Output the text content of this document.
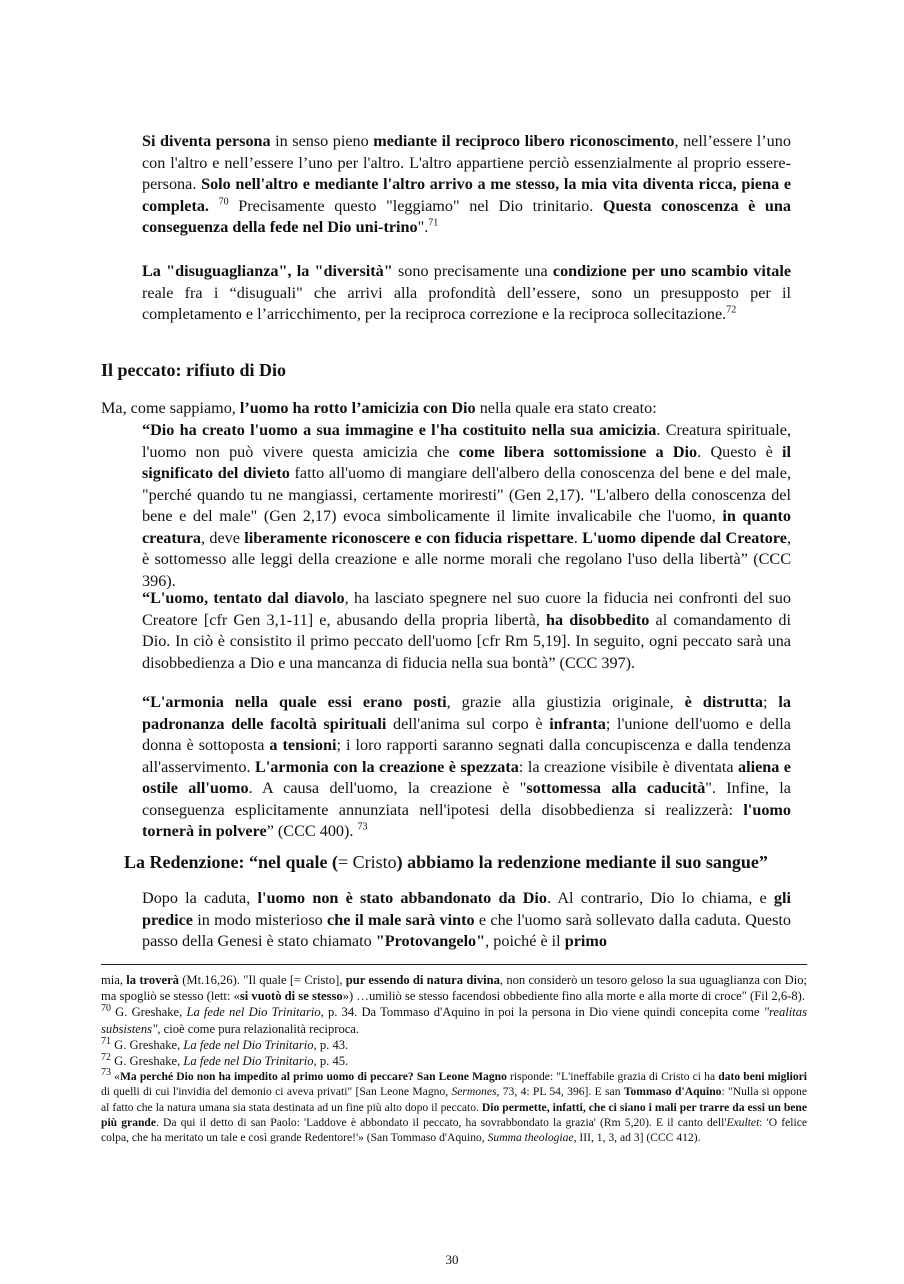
Si diventa persona in senso pieno mediante il reciproco libero riconoscimento, nell’essere l’uno con l'altro e nell’essere l’uno per l'altro. L'altro appartiene perciò essenzialmente al proprio essere-persona. Solo nell'altro e mediante l'altro arrivo a me stesso, la mia vita diventa ricca, piena e completa. $^{70}$ Precisamente questo "leggiamo" nel Dio trinitario. Questa conoscenza è una conseguenza della fede nel Dio uni-trino".$^{71}$

La "disuguaglianza", la "diversità" sono precisamente una condizione per uno scambio vitale reale fra i “disuguali" che arrivi alla profondità dell’essere, sono un presupposto per il completamento e l’arricchimento, per la reciproca correzione e la reciproca sollecitazione.$^{72}$

Il peccato: rifiuto di Dio

Ma, come sappiamo, l’uomo ha rotto l’amicizia con Dio nella quale era stato creato:

“Dio ha creato l'uomo a sua immagine e l'ha costituito nella sua amicizia. Creatura spirituale, l'uomo non può vivere questa amicizia che come libera sottomissione a Dio. Questo è il significato del divieto fatto all'uomo di mangiare dell'albero della conoscenza del bene e del male, "perché quando tu ne mangiassi, certamente moriresti" (Gen 2,17). "L'albero della conoscenza del bene e del male" (Gen 2,17) evoca simbolicamente il limite invalicabile che l'uomo, in quanto creatura, deve liberamente riconoscere e con fiducia rispettare. L'uomo dipende dal Creatore, è sottomesso alle leggi della creazione e alle norme morali che regolano l'uso della libertà” (CCC 396).

“L'uomo, tentato dal diavolo, ha lasciato spegnere nel suo cuore la fiducia nei confronti del suo Creatore [cfr Gen 3,1-11] e, abusando della propria libertà, ha disobbedito al comandamento di Dio. In ciò è consistito il primo peccato dell'uomo [cfr Rm 5,19]. In seguito, ogni peccato sarà una disobbedienza a Dio e una mancanza di fiducia nella sua bontà” (CCC 397).

“L'armonia nella quale essi erano posti, grazie alla giustizia originale, è distrutta; la padronanza delle facoltà spirituali dell'anima sul corpo è infranta; l'unione dell'uomo e della donna è sottoposta a tensioni; i loro rapporti saranno segnati dalla concupiscenza e dalla tendenza all'asservimento. L'armonia con la creazione è spezzata: la creazione visibile è diventata aliena e ostile all'uomo. A causa dell'uomo, la creazione è "sottomessa alla caducità". Infine, la conseguenza esplicitamente annunziata nell'ipotesi della disobbedienza si realizzerà: l'uomo tornerà in polvere” (CCC 400). $^{73}$

La Redenzione: “nel quale (= Cristo) abbiamo la redenzione mediante il suo sangue”

Dopo la caduta, l'uomo non è stato abbandonato da Dio. Al contrario, Dio lo chiama, e gli predice in modo misterioso che il male sarà vinto e che l'uomo sarà sollevato dalla caduta. Questo passo della Genesi è stato chiamato "Protovangelo", poiché è il primo

mia, la troverà (Mt.16,26). "Il quale [= Cristo], pur essendo di natura divina, non considerò un tesoro geloso la sua uguaglianza con Dio; ma spogliò se stesso (lett: «si vuotò di se stesso») …umiliò se stesso facendosi obbediente fino alla morte e alla morte di croce" (Fil 2,6-8).

$^{70}$ G. Greshake, La fede nel Dio Trinitario, p. 34. Da Tommaso d'Aquino in poi la persona in Dio viene quindi concepita come "realitas subsistens", cioè come pura relazionalità reciproca.

$^{71}$ G. Greshake, La fede nel Dio Trinitario, p. 43.

$^{72}$ G. Greshake, La fede nel Dio Trinitario, p. 45.

$^{73}$ «Ma perché Dio non ha impedito al primo uomo di peccare? San Leone Magno risponde: "L'ineffabile grazia di Cristo ci ha dato beni migliori di quelli di cui l'invidia del demonio ci aveva privati" [San Leone Magno, Sermones, 73, 4: PL 54, 396]. E san Tommaso d'Aquino: "Nulla si oppone al fatto che la natura umana sia stata destinata ad un fine più alto dopo il peccato. Dio permette, infatti, che ci siano i mali per trarre da essi un bene più grande. Da qui il detto di san Paolo: 'Laddove è abbondato il peccato, ha sovrabbondato la grazia' (Rm 5,20). E il canto dell'Exultet: 'O felice colpa, che ha meritato un tale e così grande Redentore!'» (San Tommaso d'Aquino, Summa theologiae, III, 1, 3, ad 3] (CCC 412).

30
